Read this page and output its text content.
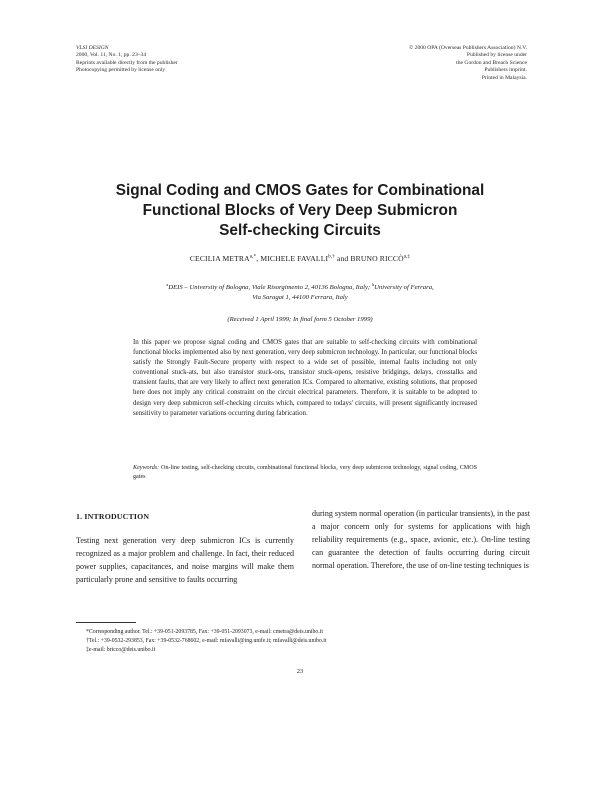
VLSI DESIGN
2000, Vol. 11, No. 1, pp. 23–34
Reprints available directly from the publisher
Photocopying permitted by license only
© 2000 OPA (Overseas Publishers Association) N.V.
Published by license under
the Gordon and Breach Science
Publishers imprint.
Printed in Malaysia.
Signal Coding and CMOS Gates for Combinational
Functional Blocks of Very Deep Submicron
Self-checking Circuits
CECILIA $METRA^{a,*}$, MICHELE $FAVALLI^{b,\dagger}$ and BRUNO $RICCÒ^{a,\ddagger}$
$^a$DEIS – University of Bologna, Viale Risorgimento 2, 40136 Bologna, Italy; $^b$University of Ferrara,
Via Saragat 1, 44100 Ferrara, Italy
(Received 1 April 1999; In final form 5 October 1999)
In this paper we propose signal coding and CMOS gates that are suitable to self-checking circuits with combinational functional blocks implemented also by next generation, very deep submicron technology. In particular, our functional blocks satisfy the Strongly Fault-Secure property with respect to a wide set of possible, internal faults including not only conventional stuck-ats, but also transistor stuck-ons, transistor stuck-opens, resistive bridgings, delays, crosstalks and transient faults, that are very likely to affect next generation ICs. Compared to alternative, existing solutions, that proposed here does not imply any critical constraint on the circuit electrical parameters. Therefore, it is suitable to be adopted to design very deep submicron self-checking circuits which, compared to todays' circuits, will present significantly increased sensitivity to parameter variations occurring during fabrication.
Keywords: On-line testing, self-checking circuits, combinational functional blocks, very deep submicron technology, signal coding, CMOS gates
1. INTRODUCTION
Testing next generation very deep submicron ICs is currently recognized as a major problem and challenge. In fact, their reduced power supplies, capacitances, and noise margins will make them particularly prone and sensitive to faults occurring
during system normal operation (in particular transients), in the past a major concern only for systems for applications with high reliability requirements (e.g., space, avionic, etc.). On-line testing can guarantee the detection of faults occurring during circuit normal operation. Therefore, the use of on-line testing techniques is
*Corresponding author. Tel.: +39-051-2093785, Fax: +39-051-2093073, e-mail: cmetra@deis.unibo.it
†Tel.: +39-0532-293853, Fax: +39-0532-768602, e-mail: mfavalli@ing.unife.it; mfavalli@deis.unibo.it
‡e-mail: bricco@deis.unibo.it
23
